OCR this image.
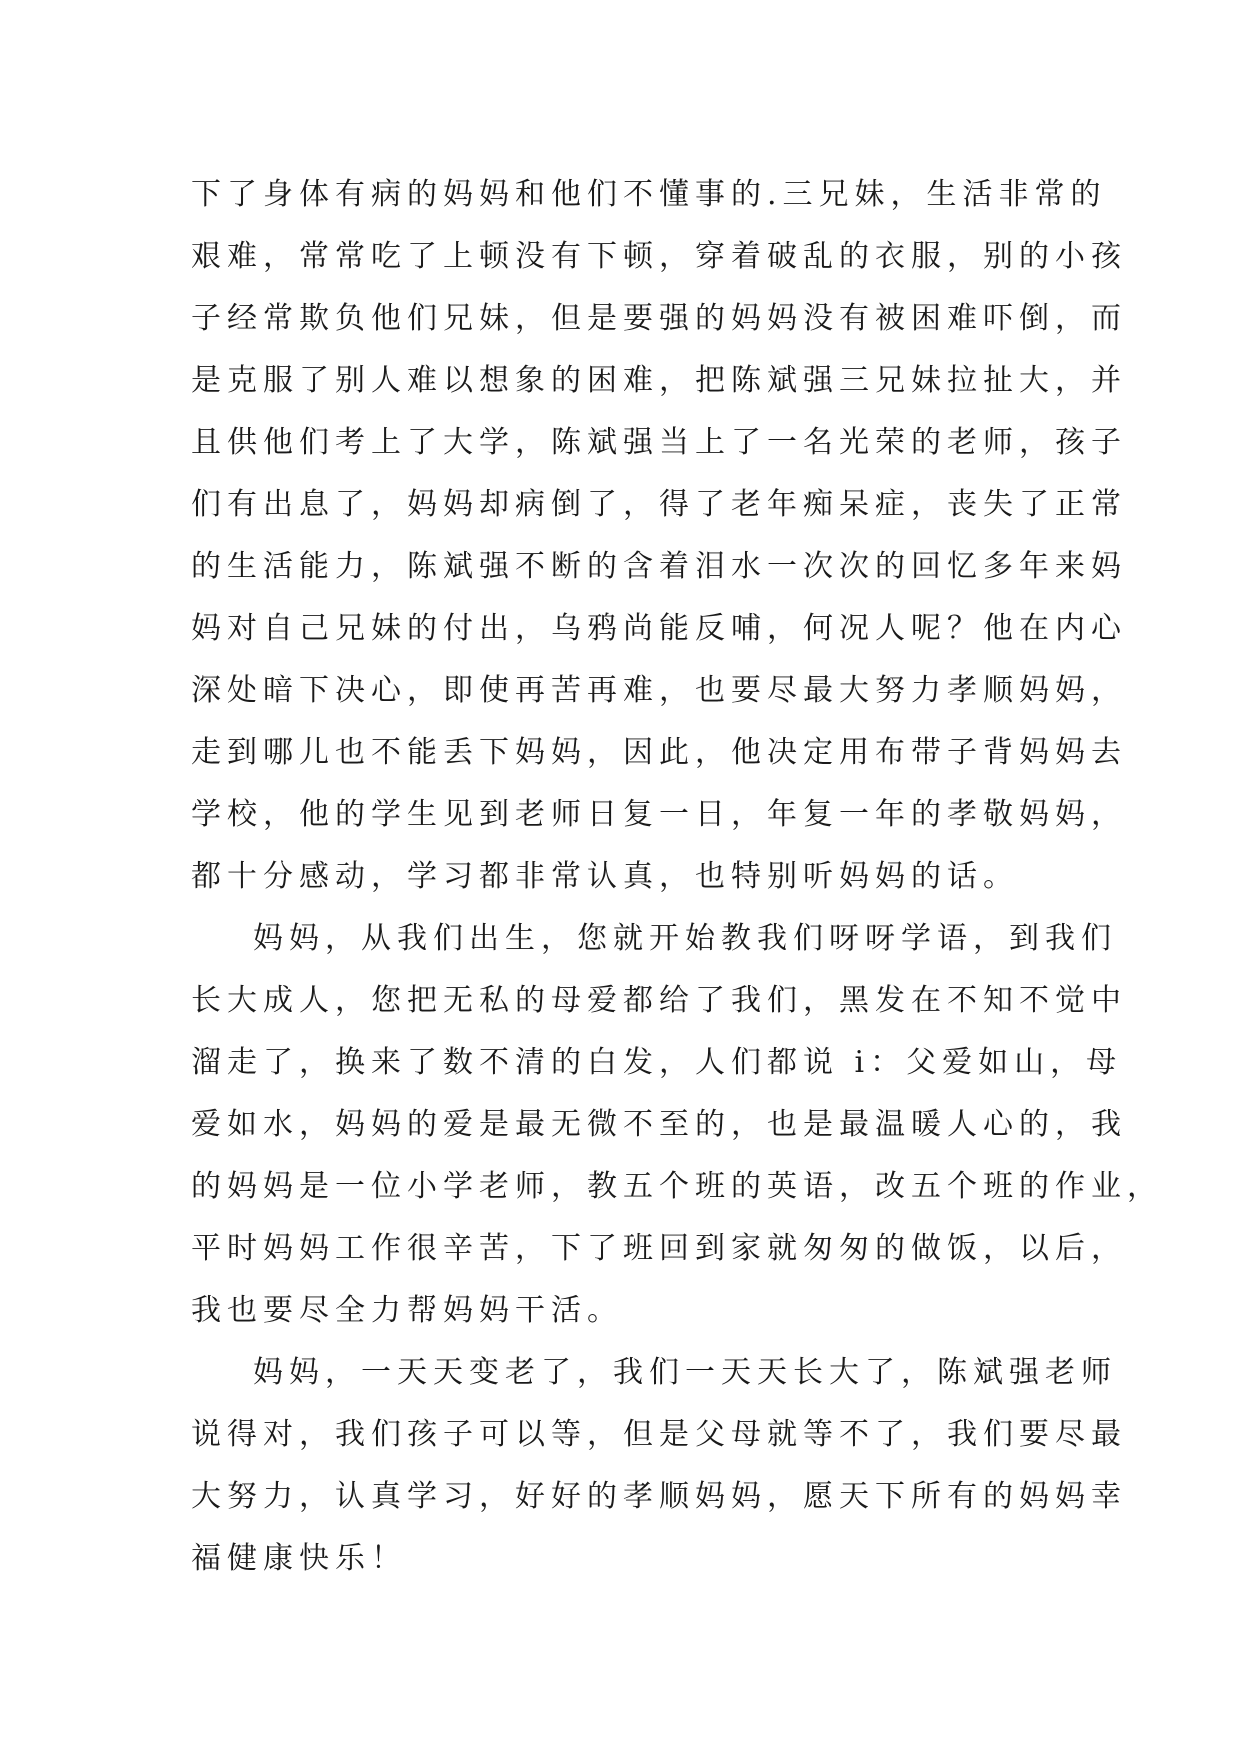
下了身体有病的妈妈和他们不懂事的.三兄妹，生活非常的
艰难，常常吃了上顿没有下顿，穿着破乱的衣服，别的小孩
子经常欺负他们兄妹，但是要强的妈妈没有被困难吓倒，而
是克服了别人难以想象的困难，把陈斌强三兄妹拉扯大，并
且供他们考上了大学，陈斌强当上了一名光荣的老师，孩子
们有出息了，妈妈却病倒了，得了老年痴呆症，丧失了正常
的生活能力，陈斌强不断的含着泪水一次次的回忆多年来妈
妈对自己兄妹的付出，乌鸦尚能反哺，何况人呢？他在内心
深处暗下决心，即使再苦再难，也要尽最大努力孝顺妈妈，
走到哪儿也不能丢下妈妈，因此，他决定用布带子背妈妈去
学校，他的学生见到老师日复一日，年复一年的孝敬妈妈，
都十分感动，学习都非常认真，也特别听妈妈的话。
妈妈，从我们出生，您就开始教我们呀呀学语，到我们
长大成人，您把无私的母爱都给了我们，黑发在不知不觉中
溜走了，换来了数不清的白发，人们都说 i：父爱如山，母
爱如水，妈妈的爱是最无微不至的，也是最温暖人心的，我
的妈妈是一位小学老师，教五个班的英语，改五个班的作业，
平时妈妈工作很辛苦，下了班回到家就匆匆的做饭，以后，
我也要尽全力帮妈妈干活。
妈妈，一天天变老了，我们一天天长大了，陈斌强老师
说得对，我们孩子可以等，但是父母就等不了，我们要尽最
大努力，认真学习，好好的孝顺妈妈，愿天下所有的妈妈幸
福健康快乐！
